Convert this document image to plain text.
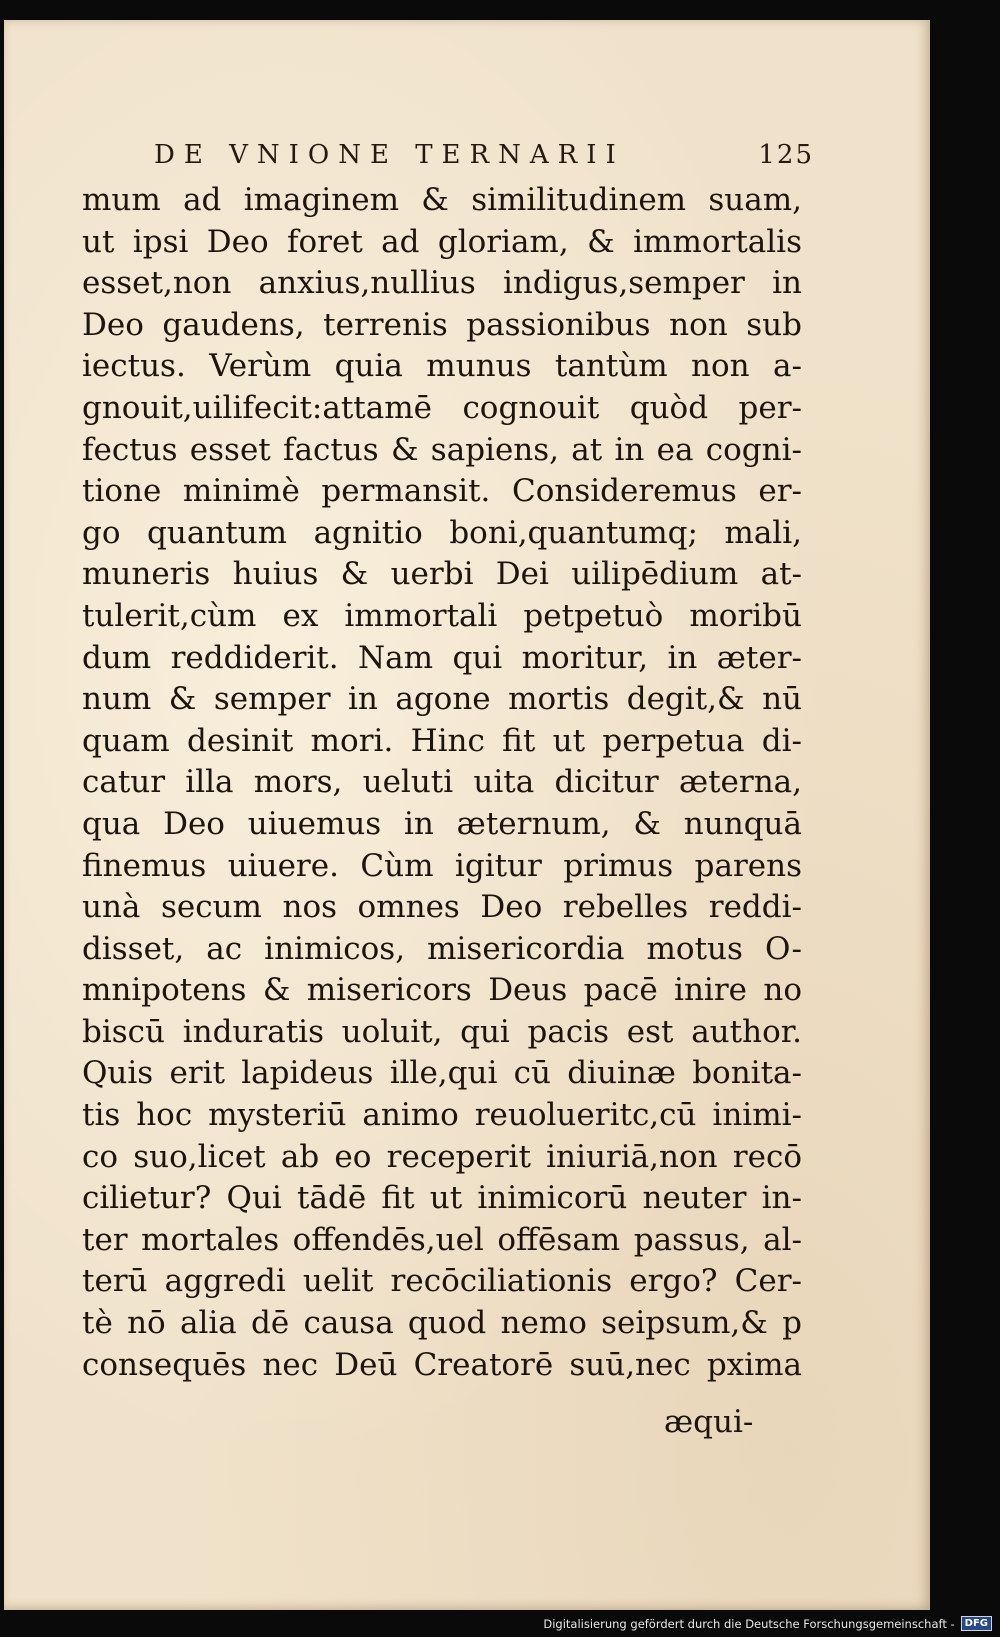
DE VNIONE TERNARII	125
mum ad imaginem & similitudinem suam,
ut ipsi Deo foret ad gloriam, & immortalis
esset,non anxius,nullius indigus,semper in
Deo gaudens, terrenis passionibus non sub
iectus. Verùm quia munus tantùm non a-
gnouit,uilifecit:attamē cognouit quòd per-
fectus esset factus & sapiens, at in ea cogni-
tione minimè permansit. Consideremus er-
go quantum agnitio boni,quantumq; mali,
muneris huius & uerbi Dei uilipēdium at-
tulerit,cùm ex immortali petpetuò moribū
dum reddiderit. Nam qui moritur, in æter-
num & semper in agone mortis degit,& nū
quam desinit mori. Hinc fit ut perpetua di-
catur illa mors, ueluti uita dicitur æterna,
qua Deo uiuemus in æternum, & nunquā
finemus uiuere. Cùm igitur primus parens
unà secum nos omnes Deo rebelles reddi-
disset, ac inimicos, misericordia motus O-
mnipotens & misericors Deus pacē inire no
biscū induratis uoluit, qui pacis est author.
Quis erit lapideus ille,qui cū diuinæ bonita-
tis hoc mysteriū animo reuolueritc,cū inimi-
co suo,licet ab eo receperit iniuriā,non recō
cilietur? Qui tādē fit ut inimicorū neuter in-
ter mortales offendēs,uel offēsam passus, al-
terū aggredi uelit recōciliationis ergo? Cer-
tè nō alia dē causa quod nemo seipsum,& p
consequēs nec Deū Creatorē suū,nec pxima
æqui-
Digitalisierung gefördert durch die Deutsche Forschungsgemeinschaft -	DFG
